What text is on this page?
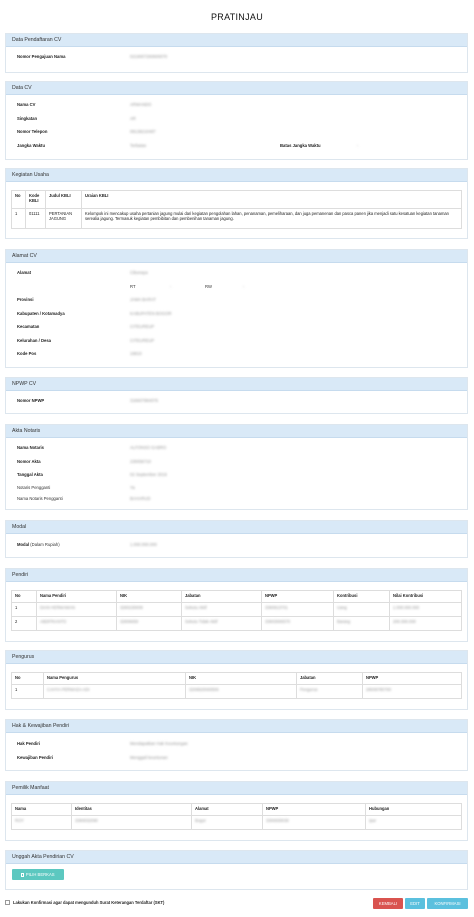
PRATINJAU
Data Pendaftaran CV
Nomor Pengajuan Nama	0219007260600070
Data CV
Nama CV	ARMANDO
Singkatan	AR
Nomor Telepon	08138210487
Jangka Waktu	Terbatas	Batas Jangka Waktu	-
Kegiatan Usaha
No	Kode KBLI	Judul KBLI	Uraian KBLI
1	01111	PERTANIAN JAGUNG	Kelompok ini mencakup usaha pertanian jagung mulai dari kegiatan pengolahan lahan, penanaman, pemeliharaan, dan juga pemanenan dan pasca panen jika menjadi satu kesatuan kegiatan tanaman serealia jagung. Termasuk kegiatan pembibitan dan pembenihan tanaman jagung.
Alamat CV
Alamat	Cibunaya
RT	-	RW	-
Provinsi	JAWA BARAT
Kabupaten / Kotamadya	KABUPATEN BOGOR
Kecamatan	CITEUREUP
Kelurahan / Desa	CITEUREUP
Kode Pos	16810
NPWP CV
Nomor NPWP	316607984076
Akta Notaris
Nama Notaris	ALFONSO GABRO
Nomor Akta	230056710
Tanggal Akta	02 September 2019
Notaris Pengganti	Ya
Nama Notaris Pengganti	BAHARUD
Modal
Modal (Dalam Rupiah)	1.000.000.000
Pendiri
No	Nama Pendiri	NIK	Jabatan	NPWP	Kontribusi	Nilai Kontribusi
1	DIAN HERMAWAN	3280230009	Sekutu Aktif	3390913701	Uang	1.000.000.000
2	ABDFRIANTO	32806659	Sekutu Tidak Aktif	33903006570	Barang	200.000.000
Pengurus
No	Nama Pengurus	NIK	Jabatan	NPWP
1	CAHYA PERMADA ADI	3208820060506	Pengurus	28009780700
Hak & Kewajiban Pendiri
Hak Pendiri	Mendapatkan Hak Keuntungan
Kewajiban Pendiri	Menggali keuntunan
Pemilik Manfaat
Nama	Identitas	Alamat	NPWP	Hubungan
ROY	3390032090	Bogor	3306930030	Ipar
Unggah Akta Pendirian CV
PILIH BERKAS
Lakukan Konfirmasi agar dapat mengunduh Surat Keterangan Terdaftar (SKT)	KEMBALI	EDIT	KONFIRMASI
